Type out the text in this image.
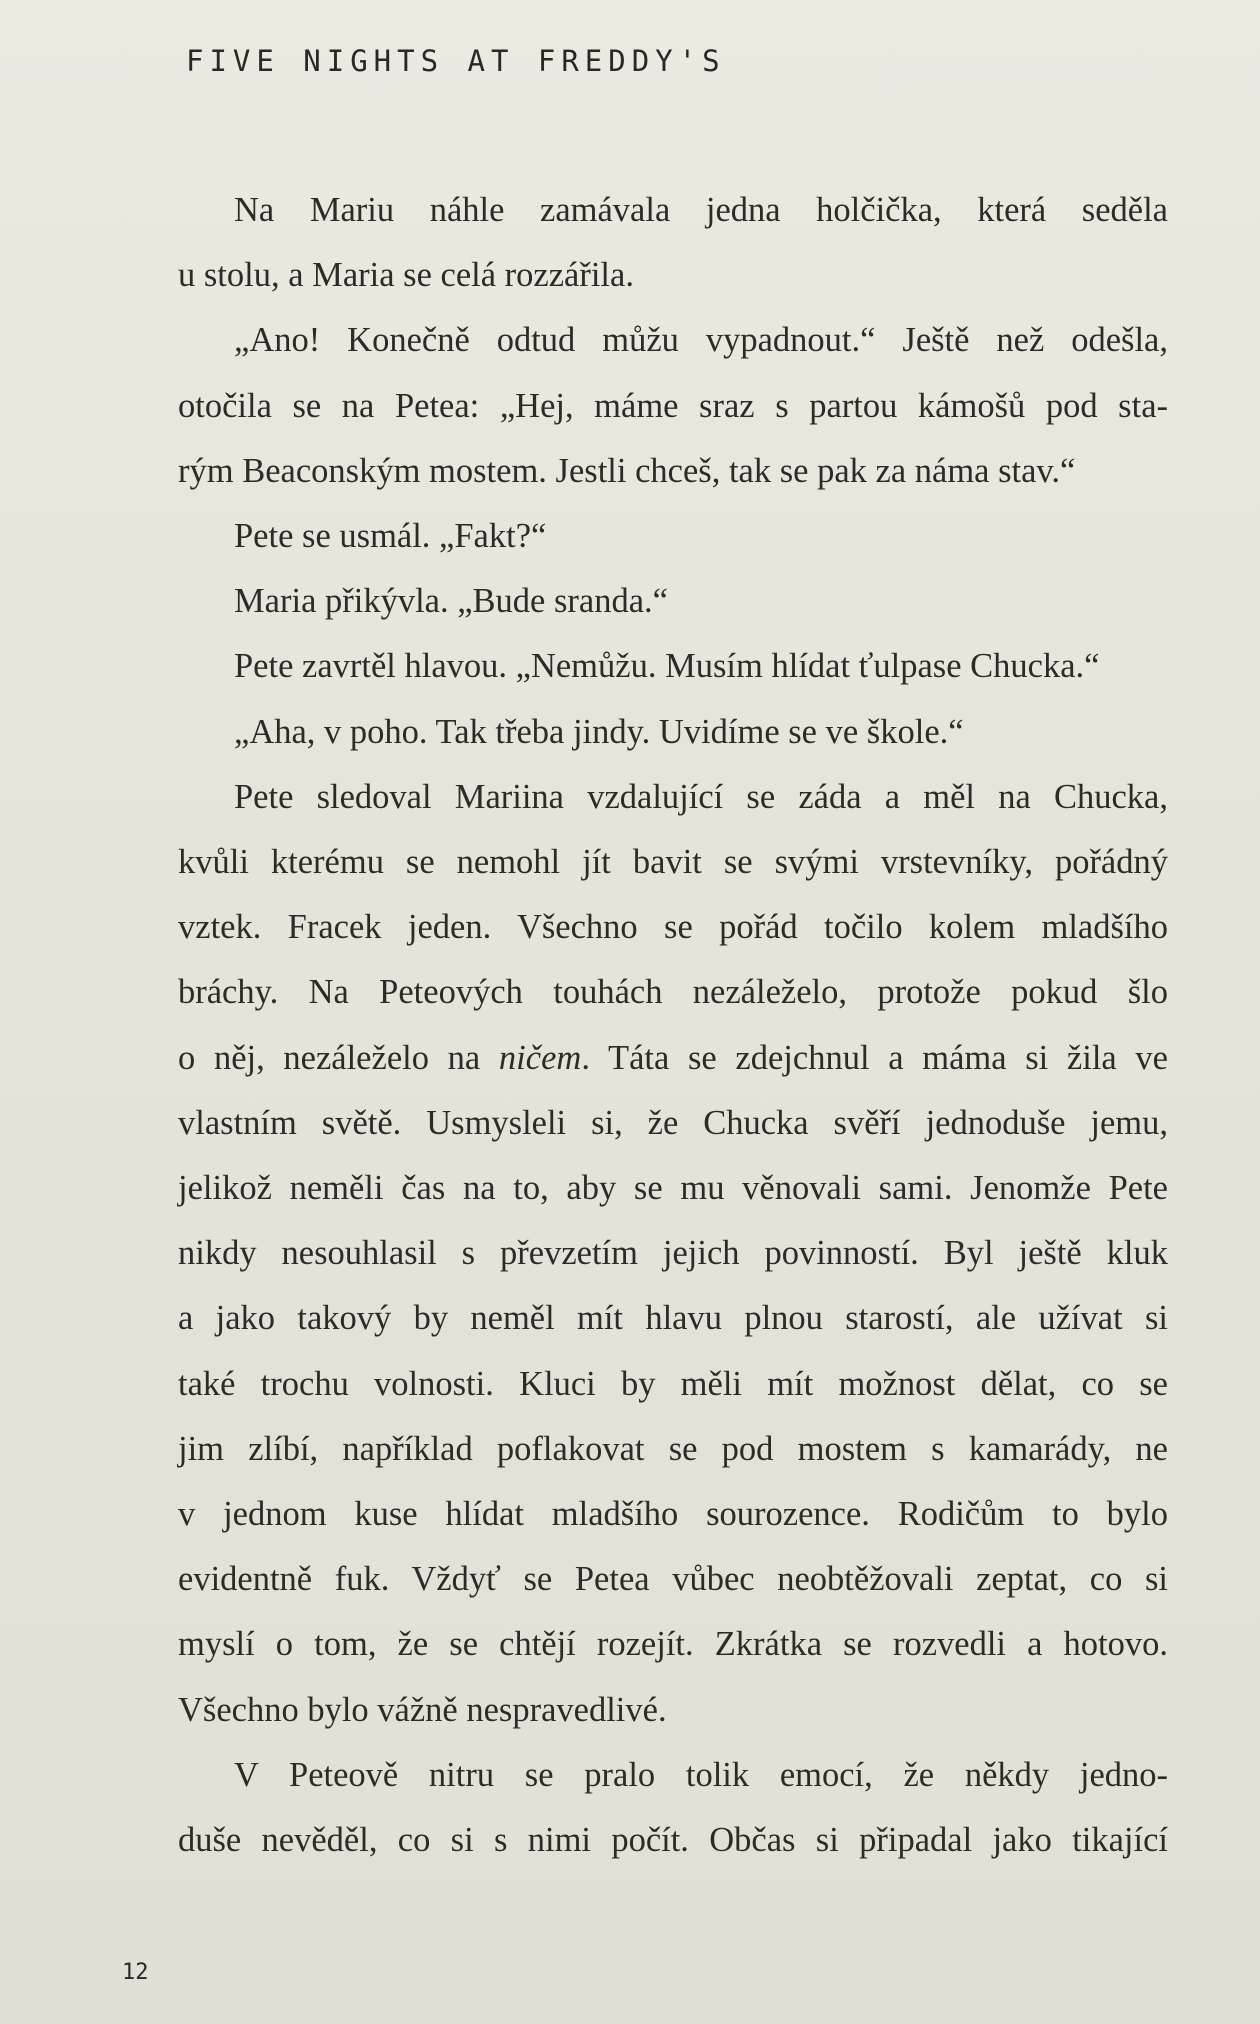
FIVE NIGHTS AT FREDDY'S
Na Mariu náhle zamávala jedna holčička, která seděla
u stolu, a Maria se celá rozzářila.
„Ano! Konečně odtud můžu vypadnout.“ Ještě než odešla,
otočila se na Petea: „Hej, máme sraz s partou kámošů pod sta-
rým Beaconským mostem. Jestli chceš, tak se pak za náma stav.“
Pete se usmál. „Fakt?“
Maria přikývla. „Bude sranda.“
Pete zavrtěl hlavou. „Nemůžu. Musím hlídat ťulpase Chucka.“
„Aha, v poho. Tak třeba jindy. Uvidíme se ve škole.“
Pete sledoval Mariina vzdalující se záda a měl na Chucka,
kvůli kterému se nemohl jít bavit se svými vrstevníky, pořádný
vztek. Fracek jeden. Všechno se pořád točilo kolem mladšího
bráchy. Na Peteových touhách nezáleželo, protože pokud šlo
o něj, nezáleželo na ničem. Táta se zdejchnul a máma si žila ve
vlastním světě. Usmysleli si, že Chucka svěří jednoduše jemu,
jelikož neměli čas na to, aby se mu věnovali sami. Jenomže Pete
nikdy nesouhlasil s převzetím jejich povinností. Byl ještě kluk
a jako takový by neměl mít hlavu plnou starostí, ale užívat si
také trochu volnosti. Kluci by měli mít možnost dělat, co se
jim zlíbí, například poflakovat se pod mostem s kamarády, ne
v jednom kuse hlídat mladšího sourozence. Rodičům to bylo
evidentně fuk. Vždyť se Petea vůbec neobtěžovali zeptat, co si
myslí o tom, že se chtějí rozejít. Zkrátka se rozvedli a hotovo.
Všechno bylo vážně nespravedlivé.
V Peteově nitru se pralo tolik emocí, že někdy jedno-
duše nevěděl, co si s nimi počít. Občas si připadal jako tikající
12
